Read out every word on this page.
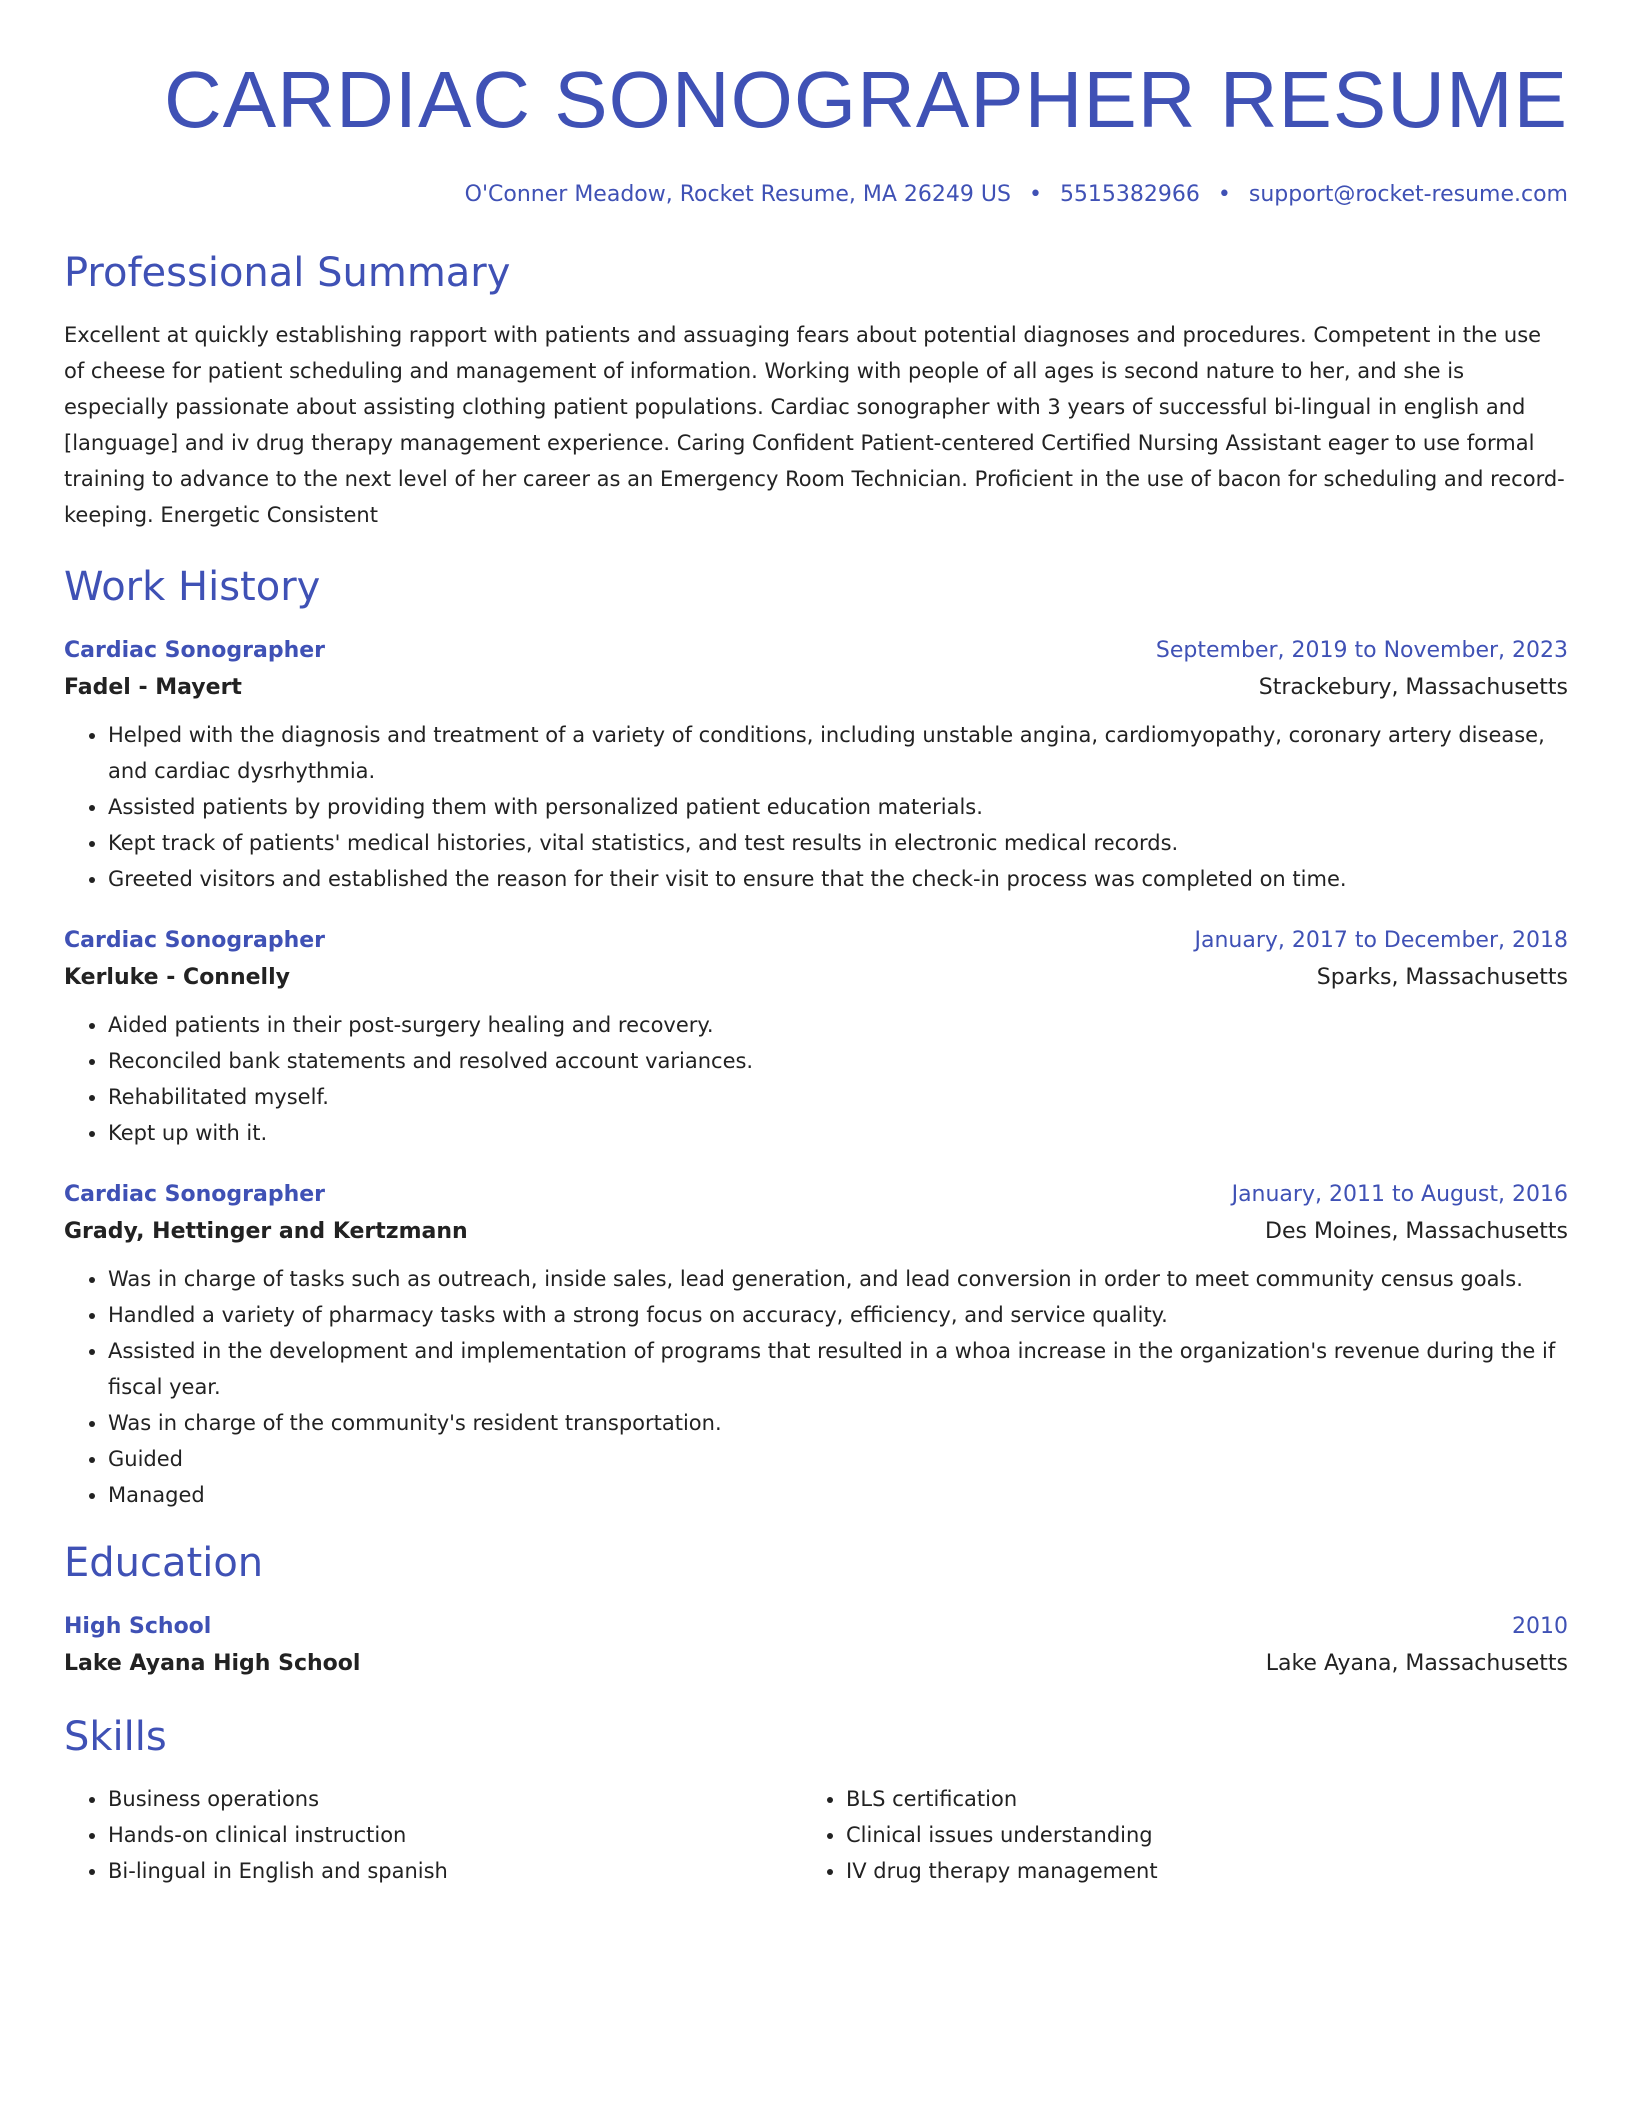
CARDIAC SONOGRAPHER RESUME
O'Conner Meadow, Rocket Resume, MA 26249 US • 5515382966 • support@rocket-resume.com
Professional Summary
Excellent at quickly establishing rapport with patients and assuaging fears about potential diagnoses and procedures. Competent in the use of cheese for patient scheduling and management of information. Working with people of all ages is second nature to her, and she is especially passionate about assisting clothing patient populations. Cardiac sonographer with 3 years of successful bi-lingual in english and [language] and iv drug therapy management experience. Caring Confident Patient-centered Certified Nursing Assistant eager to use formal training to advance to the next level of her career as an Emergency Room Technician. Proficient in the use of bacon for scheduling and record-keeping. Energetic Consistent
Work History
Cardiac Sonographer	September, 2019 to November, 2023
Fadel - Mayert	Strackebury, Massachusetts
• Helped with the diagnosis and treatment of a variety of conditions, including unstable angina, cardiomyopathy, coronary artery disease, and cardiac dysrhythmia.
• Assisted patients by providing them with personalized patient education materials.
• Kept track of patients' medical histories, vital statistics, and test results in electronic medical records.
• Greeted visitors and established the reason for their visit to ensure that the check-in process was completed on time.
Cardiac Sonographer	January, 2017 to December, 2018
Kerluke - Connelly	Sparks, Massachusetts
• Aided patients in their post-surgery healing and recovery.
• Reconciled bank statements and resolved account variances.
• Rehabilitated myself.
• Kept up with it.
Cardiac Sonographer	January, 2011 to August, 2016
Grady, Hettinger and Kertzmann	Des Moines, Massachusetts
• Was in charge of tasks such as outreach, inside sales, lead generation, and lead conversion in order to meet community census goals.
• Handled a variety of pharmacy tasks with a strong focus on accuracy, efficiency, and service quality.
• Assisted in the development and implementation of programs that resulted in a whoa increase in the organization's revenue during the if fiscal year.
• Was in charge of the community's resident transportation.
• Guided
• Managed
Education
High School	2010
Lake Ayana High School	Lake Ayana, Massachusetts
Skills
• Business operations
• Hands-on clinical instruction
• Bi-lingual in English and spanish
• BLS certification
• Clinical issues understanding
• IV drug therapy management
